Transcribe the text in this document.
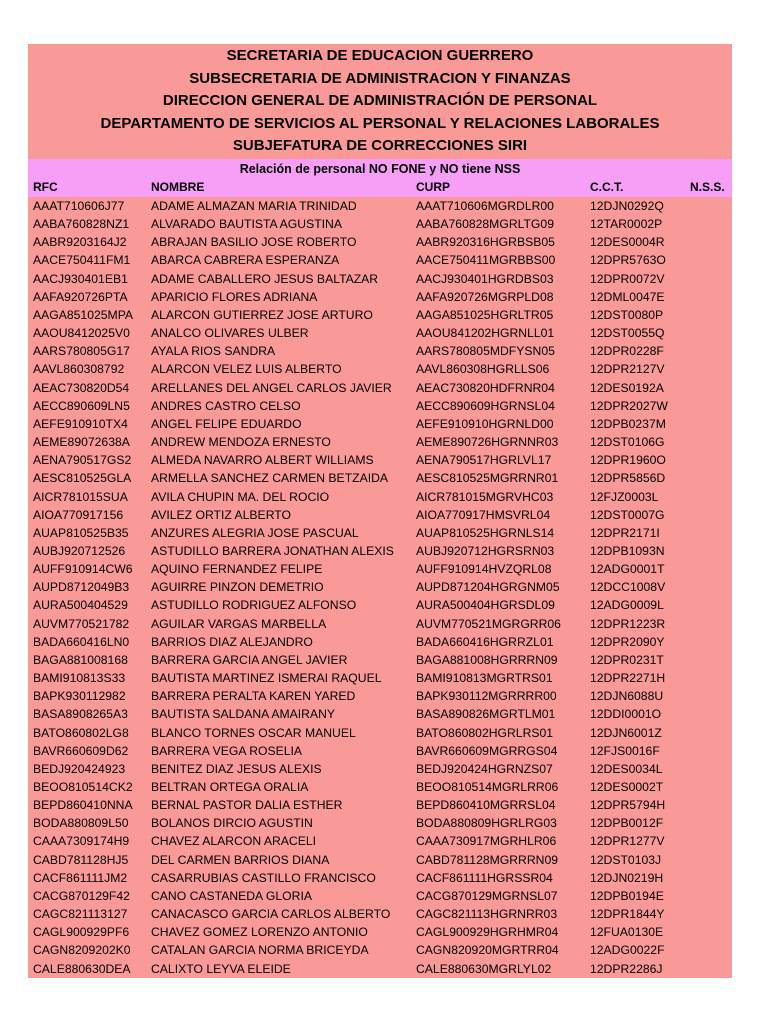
SECRETARIA DE EDUCACION GUERRERO
SUBSECRETARIA DE ADMINISTRACION Y FINANZAS
DIRECCION GENERAL DE ADMINISTRACIÓN DE PERSONAL
DEPARTAMENTO DE SERVICIOS AL PERSONAL Y RELACIONES LABORALES
SUBJEFATURA DE CORRECCIONES SIRI
Relación de personal NO FONE y NO tiene NSS
RFC	NOMBRE	CURP	C.C.T.	N.S.S.
AAAT710606J77 ADAME ALMAZAN MARIA TRINIDAD	AAAT710606MGRDLR00	12DJN0292Q
AABA760828NZ1 ALVARADO BAUTISTA AGUSTINA	AABA760828MGRLTG09	12TAR0002P
AABR9203164J2 ABRAJAN BASILIO JOSE ROBERTO	AABR920316HGRBSB05	12DES0004R
AACE750411FM1 ABARCA CABRERA ESPERANZA	AACE750411MGRBBS00	12DPR5763O
AACJ930401EB1 ADAME CABALLERO JESUS BALTAZAR	AACJ930401HGRDBS03	12DPR0072V
AAFA920726PTA APARICIO FLORES ADRIANA	AAFA920726MGRPLD08	12DML0047E
AAGA851025MPA ALARCON GUTIERREZ JOSE ARTURO	AAGA851025HGRLTR05	12DST0080P
AAOU8412025V0 ANALCO OLIVARES ULBER	AAOU841202HGRNLL01	12DST0055Q
AARS780805G17 AYALA RIOS SANDRA	AARS780805MDFYSN05	12DPR0228F
AAVL860308792 ALARCON VELEZ LUIS ALBERTO	AAVL860308HGRLLS06	12DPR2127V
AEAC730820D54 ARELLANES DEL ANGEL CARLOS JAVIER AEAC730820HDFRNR04	12DES0192A
AECC890609LN5 ANDRES CASTRO CELSO	AECC890609HGRNSL04	12DPR2027W
AEFE910910TX4 ANGEL FELIPE EDUARDO	AEFE910910HGRNLD00	12DPB0237M
AEME89072638A ANDREW MENDOZA ERNESTO	AEME890726HGRNNR03	12DST0106G
AENA790517GS2 ALMEDA NAVARRO ALBERT WILLIAMS	AENA790517HGRLVL17	12DPR1960O
AESC810525GLA ARMELLA SANCHEZ CARMEN BETZAIDA AESC810525MGRRNR01	12DPR5856D
AICR781015SUA AVILA CHUPIN MA. DEL ROCIO	AICR781015MGRVHC03	12FJZ0003L
AIOA770917156 AVILEZ ORTIZ ALBERTO	AIOA770917HMSVRL04	12DST0007G
AUAP810525B35 ANZURES ALEGRIA JOSE PASCUAL	AUAP810525HGRNLS14	12DPR2171I
AUBJ920712526 ASTUDILLO BARRERA JONATHAN ALEXIS AUBJ920712HGRSRN03	12DPB1093N
AUFF910914CW6 AQUINO FERNANDEZ FELIPE	AUFF910914HVZQRL08	12ADG0001T
AUPD8712049B3 AGUIRRE PINZON DEMETRIO	AUPD871204HGRGNM05 12DCC1008V
AURA500404529 ASTUDILLO RODRIGUEZ ALFONSO	AURA500404HGRSDL09	12ADG0009L
AUVM770521782 AGUILAR VARGAS MARBELLA	AUVM770521MGRGRR06 12DPR1223R
BADA660416LN0 BARRIOS DIAZ ALEJANDRO	BADA660416HGRRZL01	12DPR2090Y
BAGA881008168 BARRERA GARCIA ANGEL JAVIER	BAGA881008HGRRRN09	12DPR0231T
BAMI910813S33 BAUTISTA MARTINEZ ISMERAI RAQUEL	BAMI910813MGRTRS01	12DPR2271H
BAPK930112982 BARRERA PERALTA KAREN YARED	BAPK930112MGRRRR00	12DJN6088U
BASA8908265A3 BAUTISTA SALDANA AMAIRANY	BASA890826MGRTLM01	12DDI0001O
BATO860802LG8 BLANCO TORNES OSCAR MANUEL	BATO860802HGRLRS01	12DJN6001Z
BAVR660609D62 BARRERA VEGA ROSELIA	BAVR660609MGRRGS04	12FJS0016F
BEDJ920424923 BENITEZ DIAZ JESUS ALEXIS	BEDJ920424HGRNZS07	12DES0034L
BEOO810514CK2 BELTRAN ORTEGA ORALIA	BEOO810514MGRLRR06	12DES0002T
BEPD860410NNA BERNAL PASTOR DALIA ESTHER	BEPD860410MGRRSL04	12DPR5794H
BODA880809L50 BOLANOS DIRCIO AGUSTIN	BODA880809HGRLRG03	12DPB0012F
CAAA7309174H9 CHAVEZ ALARCON ARACELI	CAAA730917MGRHLR06	12DPR1277V
CABD781128HJ5 DEL CARMEN BARRIOS DIANA	CABD781128MGRRRN09	12DST0103J
CACF861111JM2 CASARRUBIAS CASTILLO FRANCISCO	CACF861111HGRSSR04	12DJN0219H
CACG870129F42 CANO CASTANEDA GLORIA	CACG870129MGRNSL07	12DPB0194E
CAGC821113127 CANACASCO GARCIA CARLOS ALBERTO CAGC821113HGRNRR03	12DPR1844Y
CAGL900929PF6 CHAVEZ GOMEZ LORENZO ANTONIO	CAGL900929HGRHMR04	12FUA0130E
CAGN8209202K0 CATALAN GARCIA NORMA BRICEYDA	CAGN820920MGRTRR04	12ADG0022F
CALE880630DEA CALIXTO LEYVA ELEIDE	CALE880630MGRLYL02	12DPR2286J
